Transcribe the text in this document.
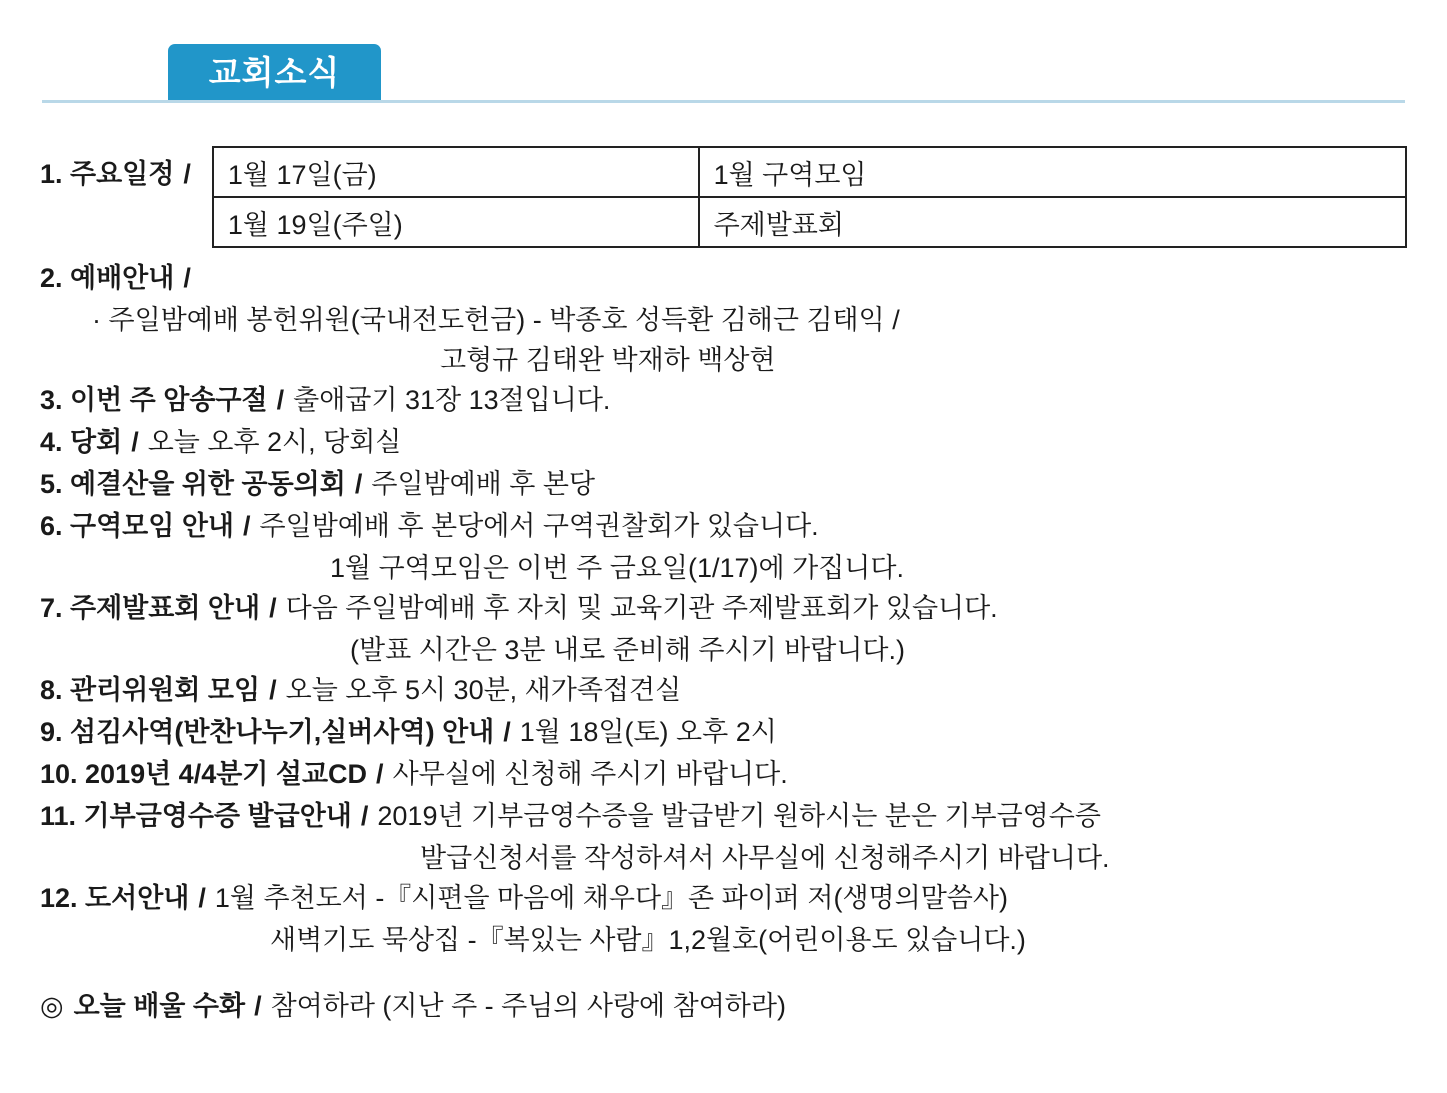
교회소식
1. 주요일정 / 1월 17일(금)	1월 구역모임
1월 19일(주일)	주제발표회
2. 예배안내 /
· 주일밤예배 봉헌위원(국내전도헌금) - 박종호 성득환 김해근 김태익 /
고형규 김태완 박재하 백상현
3. 이번 주 암송구절 / 출애굽기 31장 13절입니다.
4. 당회 / 오늘 오후 2시, 당회실
5. 예결산을 위한 공동의회 / 주일밤예배 후 본당
6. 구역모임 안내 / 주일밤예배 후 본당에서 구역권찰회가 있습니다.
1월 구역모임은 이번 주 금요일(1/17)에 가집니다.
7. 주제발표회 안내 / 다음 주일밤예배 후 자치 및 교육기관 주제발표회가 있습니다.
(발표 시간은 3분 내로 준비해 주시기 바랍니다.)
8. 관리위원회 모임 / 오늘 오후 5시 30분, 새가족접견실
9. 섬김사역(반찬나누기,실버사역) 안내 / 1월 18일(토) 오후 2시
10. 2019년 4/4분기 설교CD / 사무실에 신청해 주시기 바랍니다.
11. 기부금영수증 발급안내 / 2019년 기부금영수증을 발급받기 원하시는 분은 기부금영수증
발급신청서를 작성하셔서 사무실에 신청해주시기 바랍니다.
12. 도서안내 / 1월 추천도서 -『시편을 마음에 채우다』존 파이퍼 저(생명의말씀사)
새벽기도 묵상집 -『복있는 사람』1,2월호(어린이용도 있습니다.)
◎ 오늘 배울 수화 / 참여하라 (지난 주 - 주님의 사랑에 참여하라)
